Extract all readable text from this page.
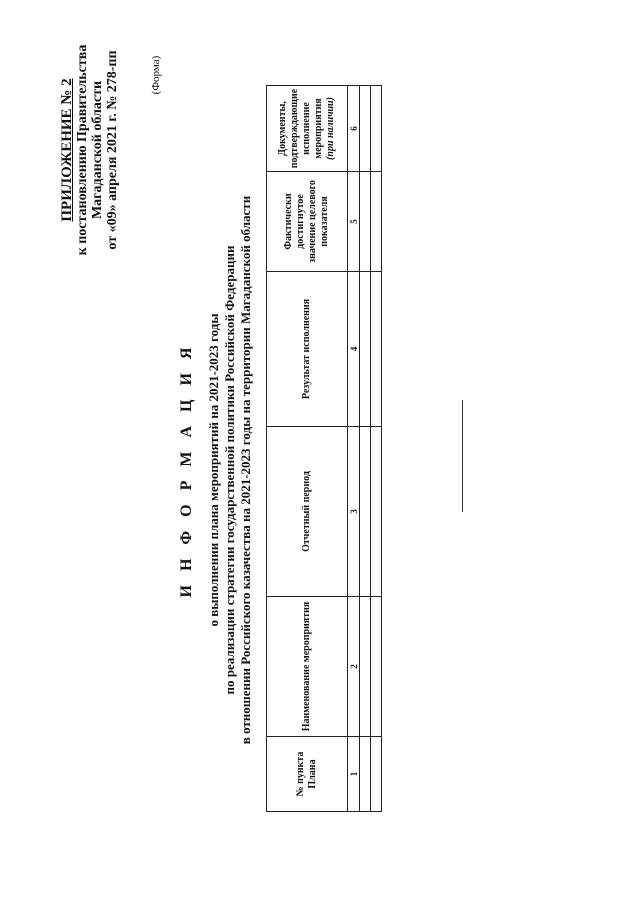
ПРИЛОЖЕНИЕ № 2 к постановлению Правительства Магаданской области от «09» апреля 2021 г. № 278-пп	(Форма)
И Н Ф О Р М А Ц И Я о выполнении плана мероприятий на 2021-2023 годы по реализации стратегии государственной политики Российской Федерации в отношении Российского казачества на 2021-2023 годы на территории Магаданской области
№ пункта Плана	Наименование мероприятия	Отчетный период	Результат исполнения	Фактически достигнутое значение целевого показателя	Документы, подтверждающие исполнение мероприятия
(при наличии)
1	2	3	4	5	6
